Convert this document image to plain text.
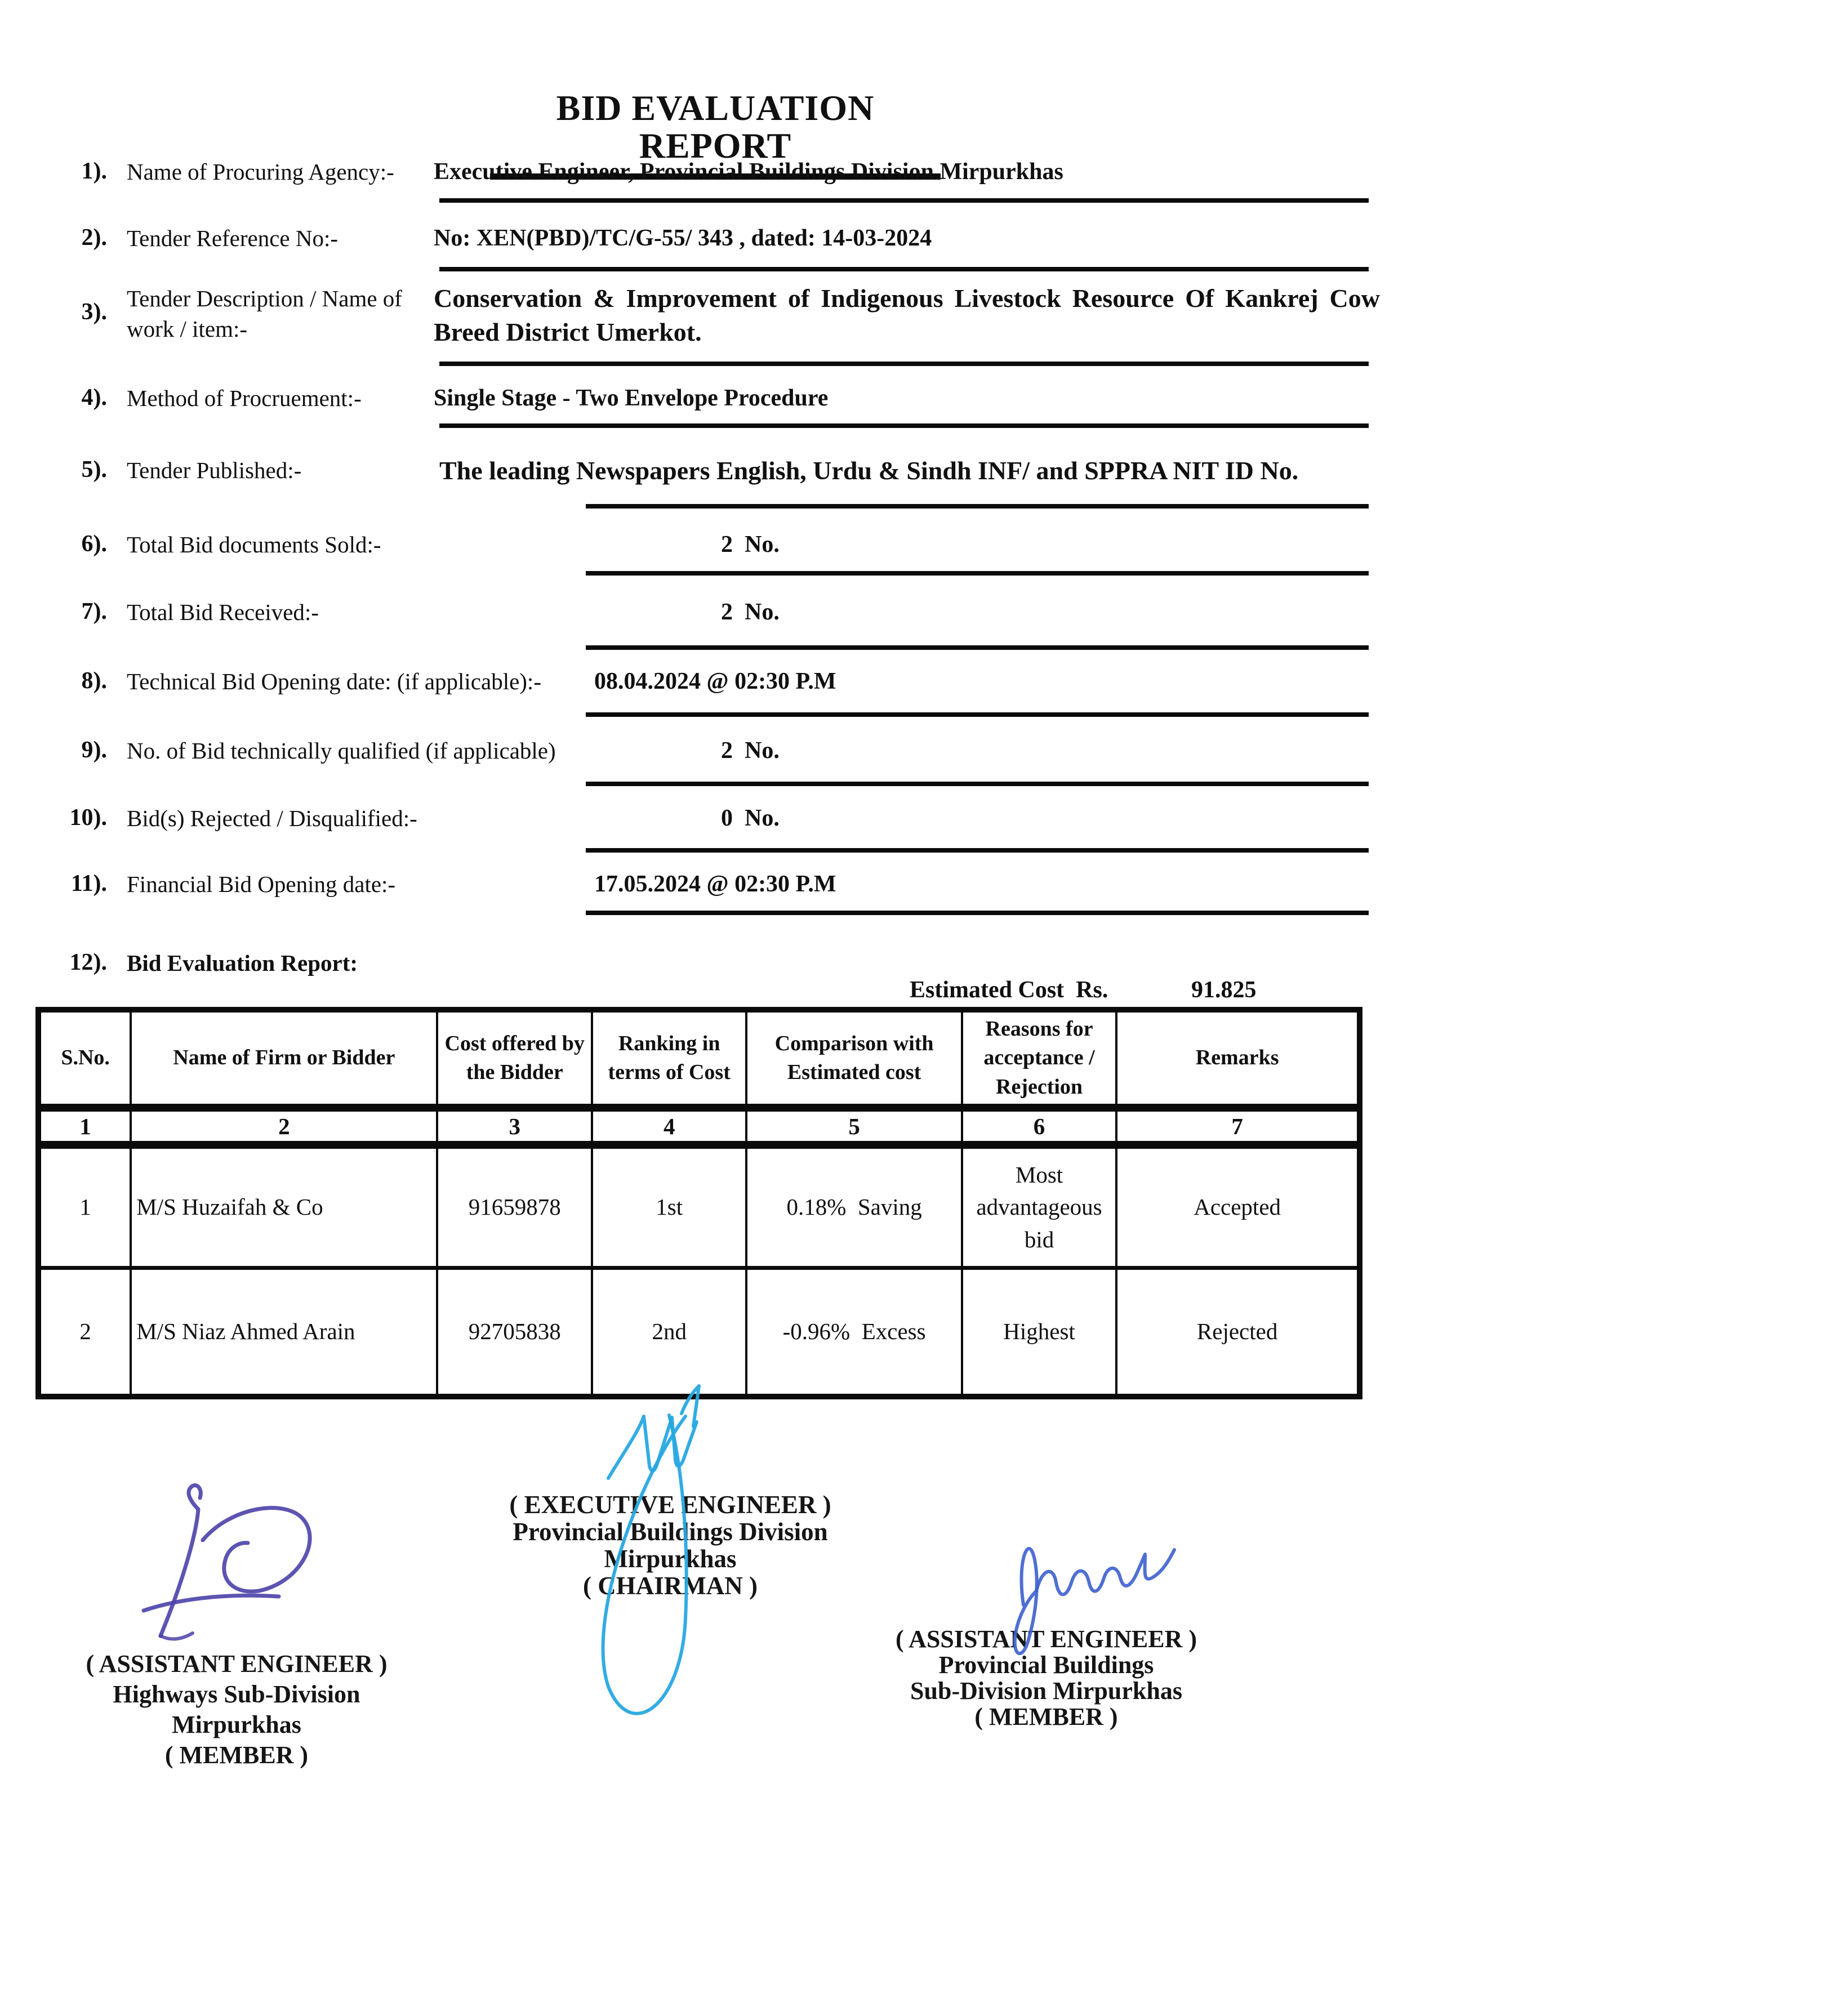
BID EVALUATION REPORT
1). Name of Procuring Agency:- Executive Engineer, Provincial Buildings Division Mirpurkhas
2). Tender Reference No:-	No: XEN(PBD)/TC/G-55/ 343 , dated: 14-03-2024
3).
Tender Description / Name of work / item:-
Conservation & Improvement of Indigenous Livestock Resource Of Kankrej Cow Breed District Umerkot.
4). Method of Procruement:-	Single Stage - Two Envelope Procedure
5). Tender Published:-	The leading Newspapers English, Urdu & Sindh INF/ and SPPRA NIT ID No.
6). Total Bid documents Sold:-	2  No.
7). Total Bid Received:-	2  No.
8). Technical Bid Opening date: (if applicable):- 08.04.2024 @ 02:30 P.M
9). No. of Bid technically qualified (if applicable)	2  No.
10). Bid(s) Rejected / Disqualified:-	0  No.
11). Financial Bid Opening date:-	17.05.2024 @ 02:30 P.M
12). Bid Evaluation Report:
Estimated Cost  Rs.	91.825
S.No.	Name of Firm or Bidder	Cost offered by the Bidder	Ranking in terms of Cost	Comparison with Estimated cost	Reasons for acceptance / Rejection	Remarks
1	2	3	4	5	6	7
1	M/S Huzaifah & Co	91659878	1st	0.18%  Saving	Most advantageous bid	Accepted
2	M/S Niaz Ahmed Arain	92705838	2nd	-0.96%  Excess	Highest	Rejected
( ASSISTANT ENGINEER )
Highways Sub-Division
Mirpurkhas
( MEMBER )
( EXECUTIVE ENGINEER )
Provincial Buildings Division
Mirpurkhas
( CHAIRMAN )
( ASSISTANT ENGINEER )
Provincial Buildings
Sub-Division Mirpurkhas
( MEMBER )
